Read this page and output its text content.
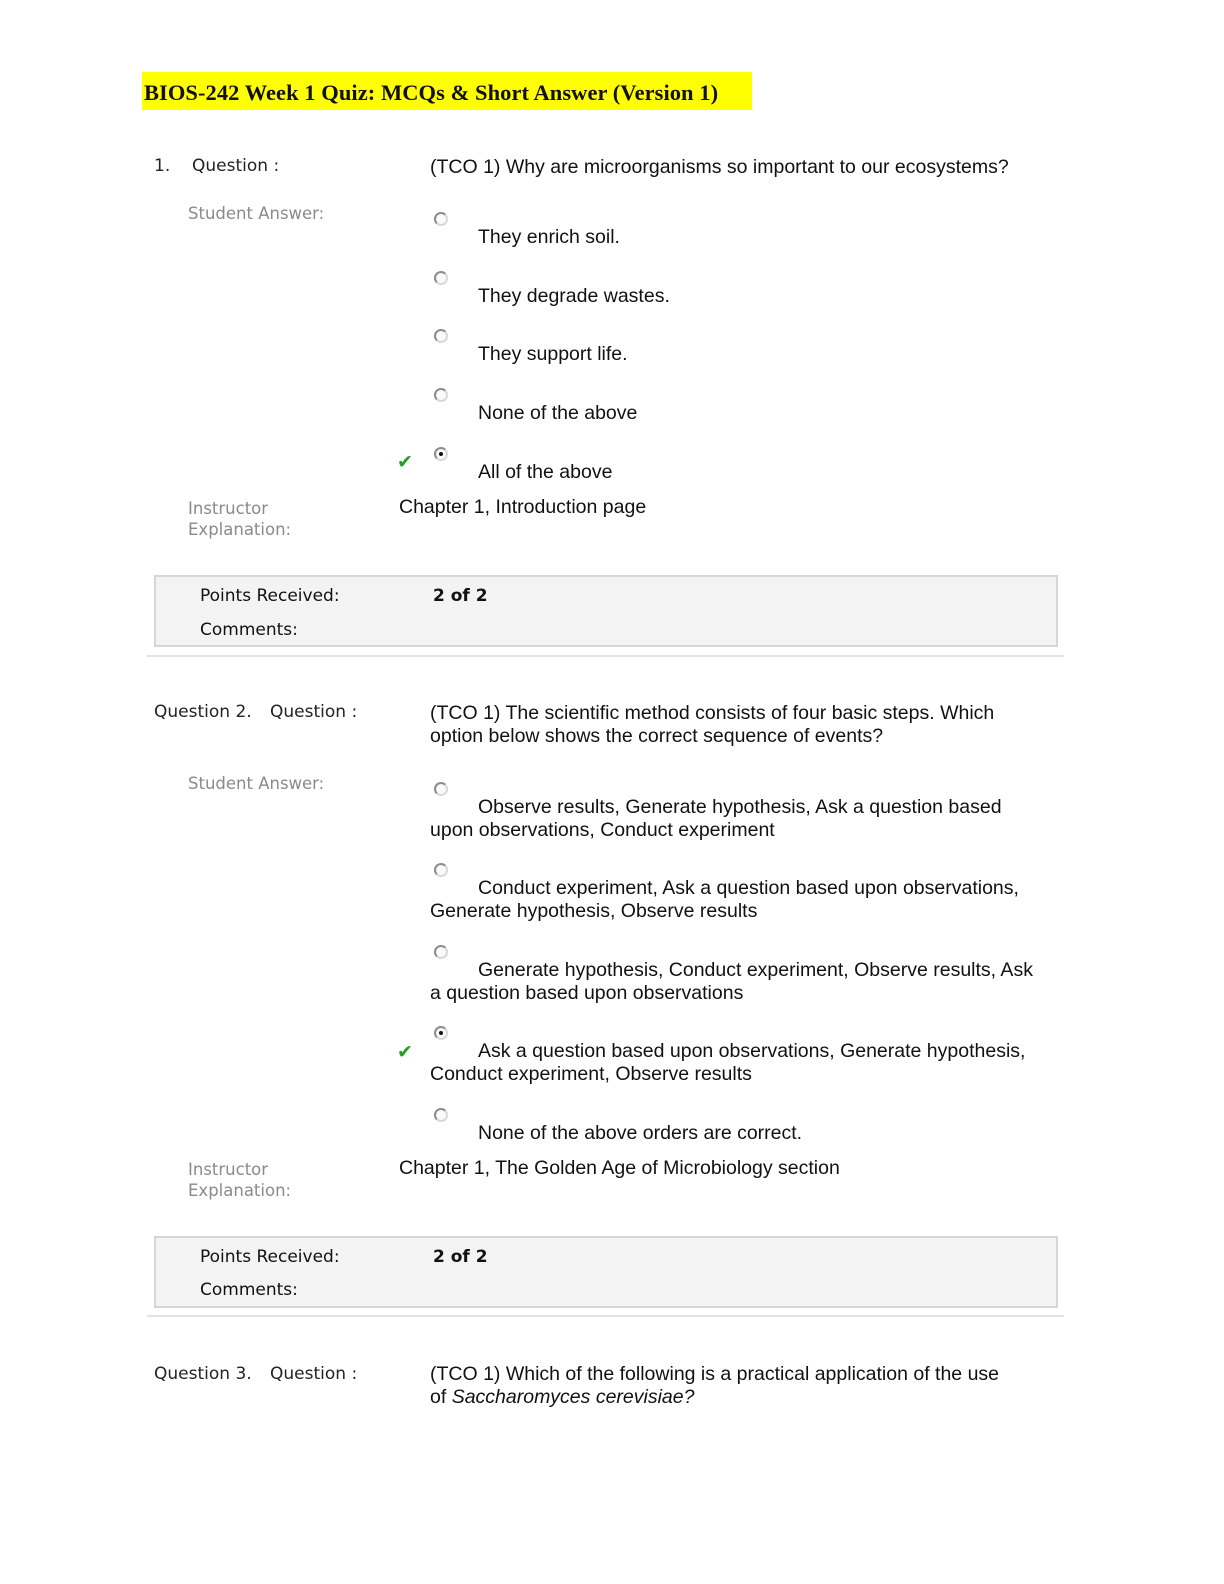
BIOS-242 Week 1 Quiz: MCQs & Short Answer (Version 1)
1. Question :	(TCO 1) Why are microorganisms so important to our ecosystems?
Student Answer:
They enrich soil.
They degrade wastes.
They support life.
None of the above
✔	All of the above
Instructor
Explanation:
Chapter 1, Introduction page
Points Received:	2 of 2
Comments:
Question 2. Question :	(TCO 1) The scientific method consists of four basic steps. Which
option below shows the correct sequence of events?
Student Answer:
Observe results, Generate hypothesis, Ask a question based
upon observations, Conduct experiment
Conduct experiment, Ask a question based upon observations,
Generate hypothesis, Observe results
Generate hypothesis, Conduct experiment, Observe results, Ask
a question based upon observations
✔	Ask a question based upon observations, Generate hypothesis,
Conduct experiment, Observe results
None of the above orders are correct.
Instructor
Explanation:
Chapter 1, The Golden Age of Microbiology section
Points Received:	2 of 2
Comments:
Question 3. Question :	(TCO 1) Which of the following is a practical application of the use
of Saccharomyces cerevisiae?
